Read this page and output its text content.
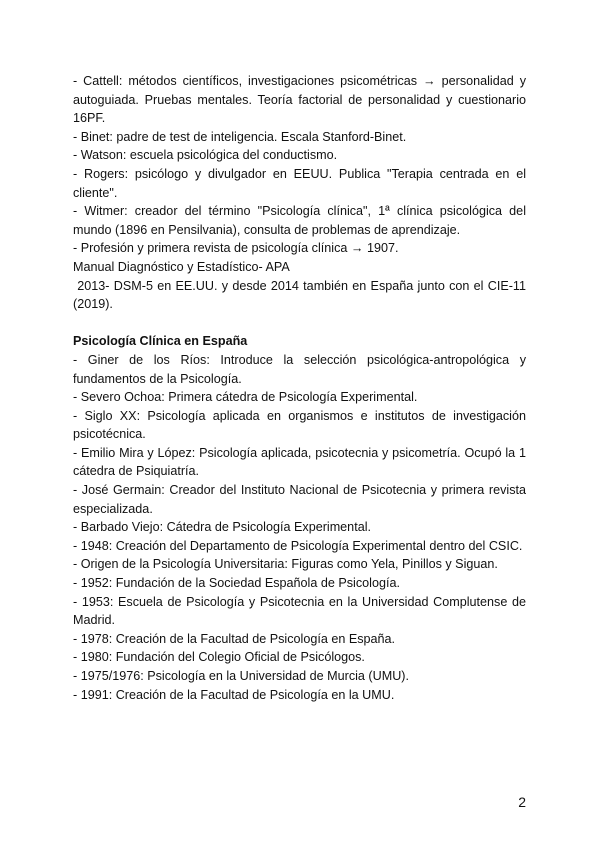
- Cattell: métodos científicos, investigaciones psicométricas → personalidad y autoguiada. Pruebas mentales. Teoría factorial de personalidad y cuestionario 16PF.

- Binet: padre de test de inteligencia. Escala Stanford-Binet.

- Watson: escuela psicológica del conductismo.

- Rogers: psicólogo y divulgador en EEUU. Publica "Terapia centrada en el cliente".

- Witmer: creador del término "Psicología clínica", 1ª clínica psicológica del mundo (1896 en Pensilvania), consulta de problemas de aprendizaje.

- Profesión y primera revista de psicología clínica → 1907.

Manual Diagnóstico y Estadístico- APA

2013- DSM-5 en EE.UU. y desde 2014 también en España junto con el CIE-11 (2019).

Psicología Clínica en España

- Giner de los Ríos: Introduce la selección psicológica-antropológica y fundamentos de la Psicología.

- Severo Ochoa: Primera cátedra de Psicología Experimental.

- Siglo XX: Psicología aplicada en organismos e institutos de investigación psicotécnica.

- Emilio Mira y López: Psicología aplicada, psicotecnia y psicometría. Ocupó la 1 cátedra de Psiquiatría.

- José Germain: Creador del Instituto Nacional de Psicotecnia y primera revista especializada.

- Barbado Viejo: Cátedra de Psicología Experimental.

- 1948: Creación del Departamento de Psicología Experimental dentro del CSIC.

- Origen de la Psicología Universitaria: Figuras como Yela, Pinillos y Siguan.

- 1952: Fundación de la Sociedad Española de Psicología.

- 1953: Escuela de Psicología y Psicotecnia en la Universidad Complutense de Madrid.

- 1978: Creación de la Facultad de Psicología en España.

- 1980: Fundación del Colegio Oficial de Psicólogos.

- 1975/1976: Psicología en la Universidad de Murcia (UMU).

- 1991: Creación de la Facultad de Psicología en la UMU.

2
